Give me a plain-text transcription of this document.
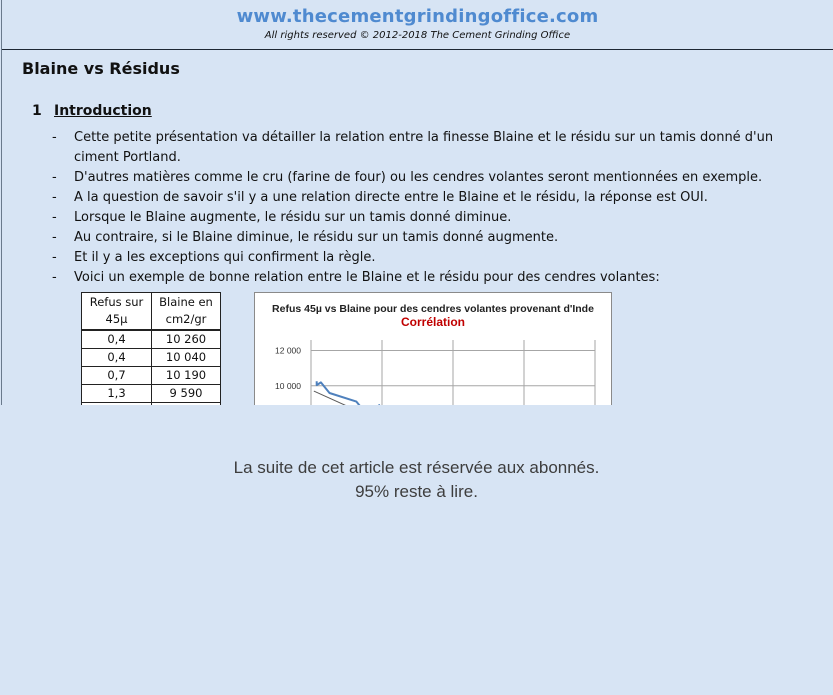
www.thecementgrindingoffice.com
All rights reserved © 2012-2018 The Cement Grinding Office
Blaine vs Résidus
1 Introduction
- Cette petite présentation va détailler la relation entre la finesse Blaine et le résidu sur un tamis donné d'un ciment Portland.
- D'autres matières comme le cru (farine de four) ou les cendres volantes seront mentionnées en exemple.
- A la question de savoir s'il y a une relation directe entre le Blaine et le résidu, la réponse est OUI.
- Lorsque le Blaine augmente, le résidu sur un tamis donné diminue.
- Au contraire, si le Blaine diminue, le résidu sur un tamis donné augmente.
- Et il y a les exceptions qui confirment la règle.
- Voici un exemple de bonne relation entre le Blaine et le résidu pour des cendres volantes:
Refus sur 45µ	Blaine en cm2/gr
0,4	10 260
0,4	10 040
0,7	10 190
1,3	9 590

Refus 45µ vs Blaine pour des cendres volantes provenant d'Inde
Corrélation
12 000
10 000
La suite de cet article est réservée aux abonnés.
95% reste à lire.
